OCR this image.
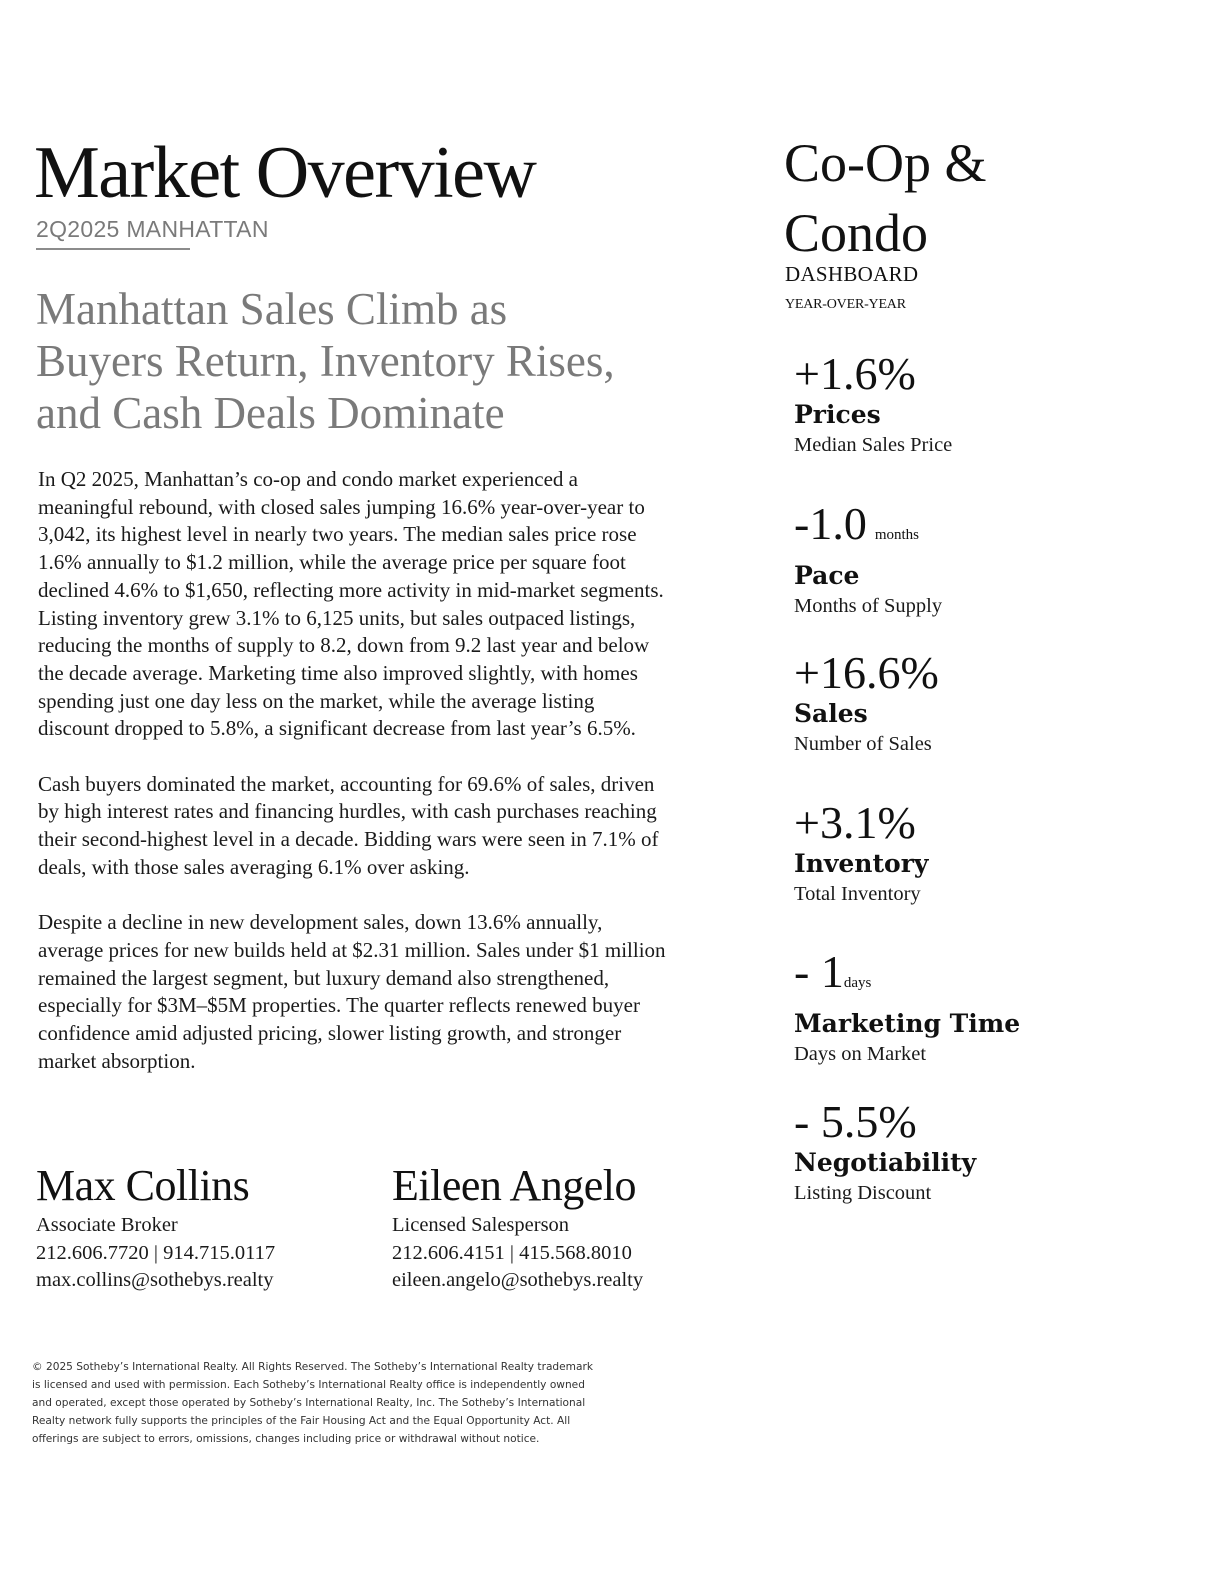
Market Overview
2Q2025 MANHATTAN
Manhattan Sales Climb as
Buyers Return, Inventory Rises,
and Cash Deals Dominate
In Q2 2025, Manhattan’s co-op and condo market experienced a
meaningful rebound, with closed sales jumping 16.6% year-over-year to
3,042, its highest level in nearly two years. The median sales price rose
1.6% annually to $1.2 million, while the average price per square foot
declined 4.6% to $1,650, reflecting more activity in mid-market segments.
Listing inventory grew 3.1% to 6,125 units, but sales outpaced listings,
reducing the months of supply to 8.2, down from 9.2 last year and below
the decade average. Marketing time also improved slightly, with homes
spending just one day less on the market, while the average listing
discount dropped to 5.8%, a significant decrease from last year’s 6.5%.
Cash buyers dominated the market, accounting for 69.6% of sales, driven
by high interest rates and financing hurdles, with cash purchases reaching
their second-highest level in a decade. Bidding wars were seen in 7.1% of
deals, with those sales averaging 6.1% over asking.
Despite a decline in new development sales, down 13.6% annually,
average prices for new builds held at $2.31 million. Sales under $1 million
remained the largest segment, but luxury demand also strengthened,
especially for $3M–$5M properties. The quarter reflects renewed buyer
confidence amid adjusted pricing, slower listing growth, and stronger
market absorption.
Max Collins
Associate Broker
212.606.7720 | 914.715.0117
max.collins@sothebys.realty
Eileen Angelo
Licensed Salesperson
212.606.4151 | 415.568.8010
eileen.angelo@sothebys.realty
© 2025 Sotheby’s International Realty. All Rights Reserved. The Sotheby’s International Realty trademark
is licensed and used with permission. Each Sotheby’s International Realty office is independently owned
and operated, except those operated by Sotheby’s International Realty, Inc. The Sotheby’s International
Realty network fully supports the principles of the Fair Housing Act and the Equal Opportunity Act. All
offerings are subject to errors, omissions, changes including price or withdrawal without notice.
Co-Op &
Condo
DASHBOARD
YEAR-OVER-YEAR
+1.6%
Prices
Median Sales Price
-1.0 months
Pace
Months of Supply
+16.6%
Sales
Number of Sales
+3.1%
Inventory
Total Inventory
- 1days
Marketing Time
Days on Market
- 5.5%
Negotiability
Listing Discount
